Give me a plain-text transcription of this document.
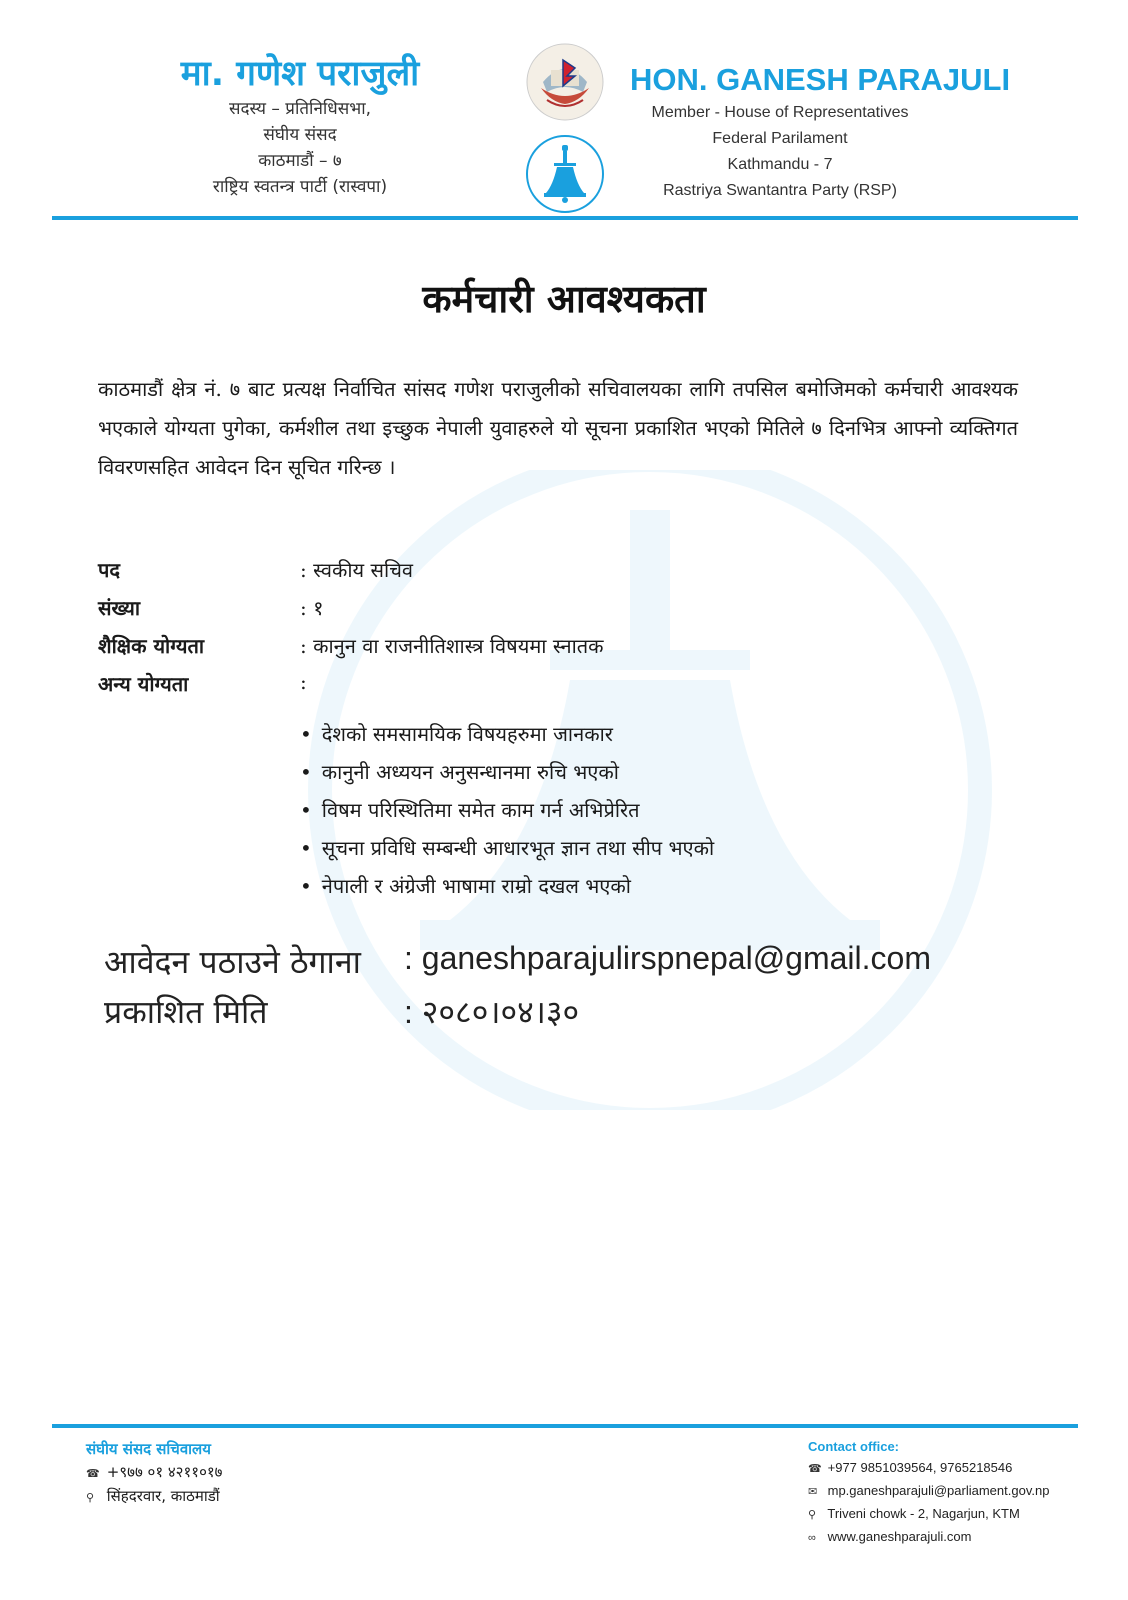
मा. गणेश पराजुली
सदस्य – प्रतिनिधिसभा,
संघीय संसद
काठमाडौं – ७
राष्ट्रिय स्वतन्त्र पार्टी (रास्वपा)
HON. GANESH PARAJULI
Member - House of Representatives
Federal Parilament
Kathmandu - 7
Rastriya Swantantra Party (RSP)
कर्मचारी आवश्यकता
काठमाडौं क्षेत्र नं. ७ बाट प्रत्यक्ष निर्वाचित सांसद गणेश पराजुलीको सचिवालयका लागि तपसिल बमोजिमको कर्मचारी आवश्यक भएकाले योग्यता पुगेका, कर्मशील तथा इच्छुक नेपाली युवाहरुले यो सूचना प्रकाशित भएको मितिले ७ दिनभित्र आफ्नो व्यक्तिगत विवरणसहित आवेदन दिन सूचित गरिन्छ ।
पद	: स्वकीय सचिव
संख्या	: १
शैक्षिक योग्यता	: कानुन वा राजनीतिशास्त्र विषयमा स्नातक
अन्य योग्यता	:
• देशको समसामयिक विषयहरुमा जानकार
• कानुनी अध्ययन अनुसन्धानमा रुचि भएको
• विषम परिस्थितिमा समेत काम गर्न अभिप्रेरित
• सूचना प्रविधि सम्बन्धी आधारभूत ज्ञान तथा सीप भएको
• नेपाली र अंग्रेजी भाषामा राम्रो दखल भएको
आवेदन पठाउने ठेगाना : ganeshparajulirspnepal@gmail.com
प्रकाशित मिति	: २०८०।०४।३०
संघीय संसद सचिवालय
☎ +९७७ ०१ ४२११०१७
⚲ सिंहदरवार, काठमाडौं
Contact office:
☎ +977 9851039564, 9765218546
✉ mp.ganeshparajuli@parliament.gov.np
⚲ Triveni chowk - 2, Nagarjun, KTM
∞ www.ganeshparajuli.com
